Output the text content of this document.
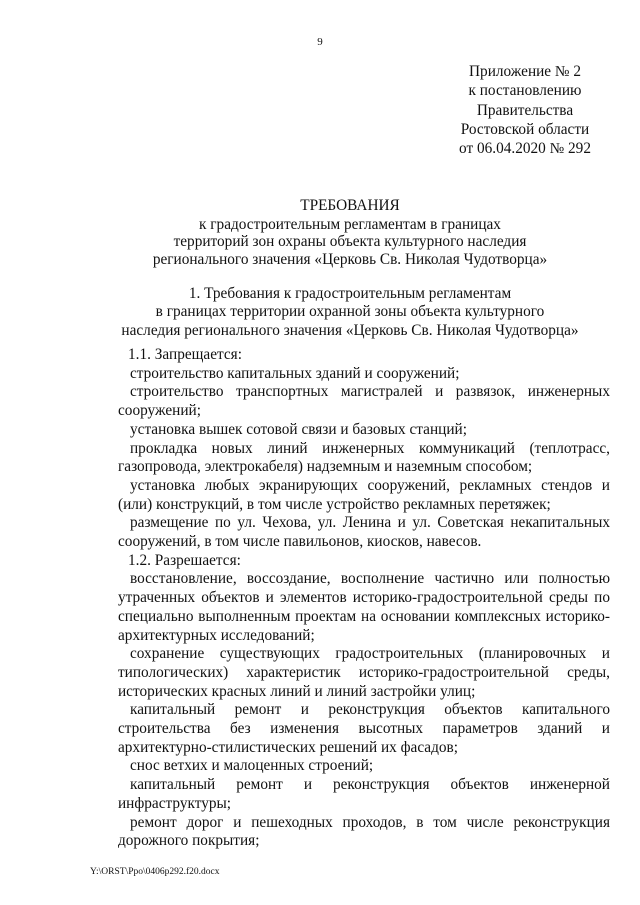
9
Приложение № 2
к постановлению
Правительства
Ростовской области
от 06.04.2020 № 292
ТРЕБОВАНИЯ
к градостроительным регламентам в границах
территорий зон охраны объекта культурного наследия
регионального значения «Церковь Св. Николая Чудотворца»
1. Требования к градостроительным регламентам
в границах территории охранной зоны объекта культурного
наследия регионального значения «Церковь Св. Николая Чудотворца»

1.1. Запрещается:

строительство капитальных зданий и сооружений;

строительство транспортных магистралей и развязок, инженерных сооружений;

установка вышек сотовой связи и базовых станций;

прокладка новых линий инженерных коммуникаций (теплотрасс, газопровода, электрокабеля) надземным и наземным способом;

установка любых экранирующих сооружений, рекламных стендов и (или) конструкций, в том числе устройство рекламных перетяжек;

размещение по ул. Чехова, ул. Ленина и ул. Советская некапитальных сооружений, в том числе павильонов, киосков, навесов.

1.2. Разрешается:

восстановление, воссоздание, восполнение частично или полностью утраченных объектов и элементов историко-градостроительной среды по специально выполненным проектам на основании комплексных историко-архитектурных исследований;

сохранение существующих градостроительных (планировочных и типологических) характеристик историко-градостроительной среды, исторических красных линий и линий застройки улиц;

капитальный ремонт и реконструкция объектов капитального строительства без изменения высотных параметров зданий и архитектурно-стилистических решений их фасадов;

снос ветхих и малоценных строений;

капитальный ремонт и реконструкция объектов инженерной инфраструктуры;

ремонт дорог и пешеходных проходов, в том числе реконструкция дорожного покрытия;

Y:\ORST\Ppo\0406p292.f20.docx
